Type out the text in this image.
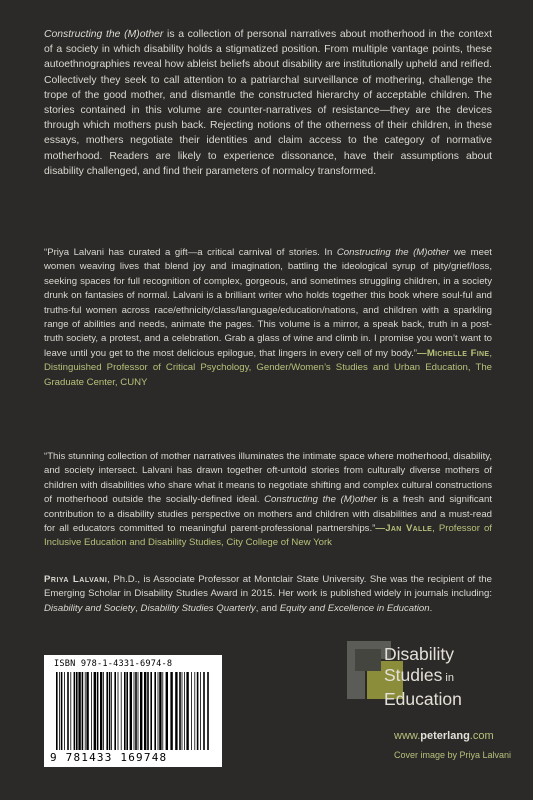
Constructing the (M)other is a collection of personal narratives about motherhood in the context of a society in which disability holds a stigmatized position. From multiple vantage points, these autoethnographies reveal how ableist beliefs about disability are institutionally upheld and reified. Collectively they seek to call attention to a patriarchal surveillance of mothering, challenge the trope of the good mother, and dismantle the constructed hierarchy of acceptable children. The stories contained in this volume are counter-narratives of resistance—they are the devices through which mothers push back. Rejecting notions of the otherness of their children, in these essays, mothers negotiate their identities and claim access to the category of normative motherhood. Readers are likely to experience dissonance, have their assumptions about disability challenged, and find their parameters of normalcy transformed.

“Priya Lalvani has curated a gift—a critical carnival of stories. In Constructing the (M)other we meet women weaving lives that blend joy and imagination, battling the ideological syrup of pity/grief/loss, seeking spaces for full recognition of complex, gorgeous, and sometimes struggling children, in a society drunk on fantasies of normal. Lalvani is a brilliant writer who holds together this book where soul-ful and truths-ful women across race/ethnicity/class/language/education/nations, and children with a sparkling range of abilities and needs, animate the pages. This volume is a mirror, a speak back, truth in a post-truth society, a protest, and a celebration. Grab a glass of wine and climb in. I promise you won’t want to leave until you get to the most delicious epilogue, that lingers in every cell of my body.”—Michelle Fine, Distinguished Professor of Critical Psychology, Gender/Women’s Studies and Urban Education, The Graduate Center, CUNY

“This stunning collection of mother narratives illuminates the intimate space where motherhood, disability, and society intersect. Lalvani has drawn together oft-untold stories from culturally diverse mothers of children with disabilities who share what it means to negotiate shifting and complex cultural constructions of motherhood outside the socially-defined ideal. Constructing the (M)other is a fresh and significant contribution to a disability studies perspective on mothers and children with disabilities and a must-read for all educators committed to meaningful parent-professional partnerships.”—Jan Valle, Professor of Inclusive Education and Disability Studies, City College of New York

Priya Lalvani, Ph.D., is Associate Professor at Montclair State University. She was the recipient of the Emerging Scholar in Disability Studies Award in 2015. Her work is published widely in journals including: Disability and Society, Disability Studies Quarterly, and Equity and Excellence in Education.

ISBN 978-1-4331-6974-8
9 781433 169748
Disability
Studies in
Education
www.peterlang.com
Cover image by Priya Lalvani
